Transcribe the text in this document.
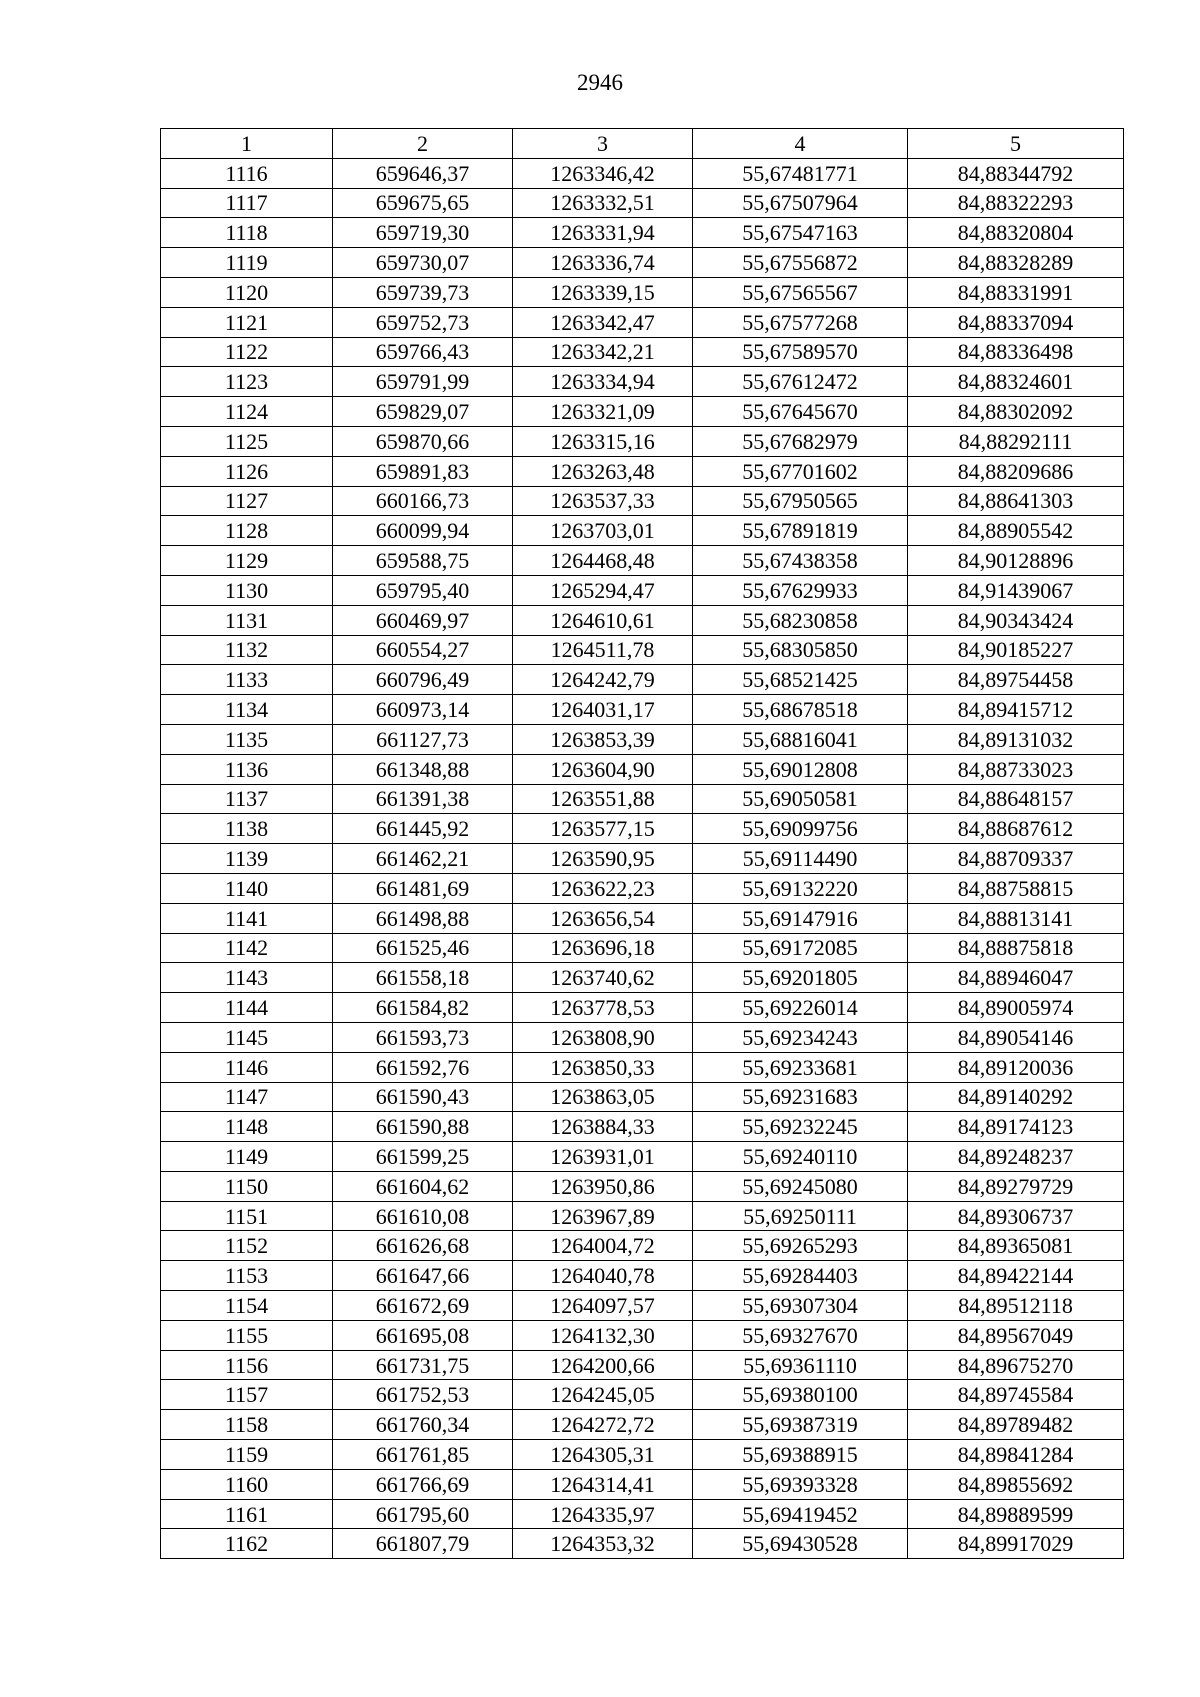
2946
1	2	3	4	5
1116	659646,37	1263346,42	55,67481771	84,88344792
1117	659675,65	1263332,51	55,67507964	84,88322293
1118	659719,30	1263331,94	55,67547163	84,88320804
1119	659730,07	1263336,74	55,67556872	84,88328289
1120	659739,73	1263339,15	55,67565567	84,88331991
1121	659752,73	1263342,47	55,67577268	84,88337094
1122	659766,43	1263342,21	55,67589570	84,88336498
1123	659791,99	1263334,94	55,67612472	84,88324601
1124	659829,07	1263321,09	55,67645670	84,88302092
1125	659870,66	1263315,16	55,67682979	84,88292111
1126	659891,83	1263263,48	55,67701602	84,88209686
1127	660166,73	1263537,33	55,67950565	84,88641303
1128	660099,94	1263703,01	55,67891819	84,88905542
1129	659588,75	1264468,48	55,67438358	84,90128896
1130	659795,40	1265294,47	55,67629933	84,91439067
1131	660469,97	1264610,61	55,68230858	84,90343424
1132	660554,27	1264511,78	55,68305850	84,90185227
1133	660796,49	1264242,79	55,68521425	84,89754458
1134	660973,14	1264031,17	55,68678518	84,89415712
1135	661127,73	1263853,39	55,68816041	84,89131032
1136	661348,88	1263604,90	55,69012808	84,88733023
1137	661391,38	1263551,88	55,69050581	84,88648157
1138	661445,92	1263577,15	55,69099756	84,88687612
1139	661462,21	1263590,95	55,69114490	84,88709337
1140	661481,69	1263622,23	55,69132220	84,88758815
1141	661498,88	1263656,54	55,69147916	84,88813141
1142	661525,46	1263696,18	55,69172085	84,88875818
1143	661558,18	1263740,62	55,69201805	84,88946047
1144	661584,82	1263778,53	55,69226014	84,89005974
1145	661593,73	1263808,90	55,69234243	84,89054146
1146	661592,76	1263850,33	55,69233681	84,89120036
1147	661590,43	1263863,05	55,69231683	84,89140292
1148	661590,88	1263884,33	55,69232245	84,89174123
1149	661599,25	1263931,01	55,69240110	84,89248237
1150	661604,62	1263950,86	55,69245080	84,89279729
1151	661610,08	1263967,89	55,69250111	84,89306737
1152	661626,68	1264004,72	55,69265293	84,89365081
1153	661647,66	1264040,78	55,69284403	84,89422144
1154	661672,69	1264097,57	55,69307304	84,89512118
1155	661695,08	1264132,30	55,69327670	84,89567049
1156	661731,75	1264200,66	55,69361110	84,89675270
1157	661752,53	1264245,05	55,69380100	84,89745584
1158	661760,34	1264272,72	55,69387319	84,89789482
1159	661761,85	1264305,31	55,69388915	84,89841284
1160	661766,69	1264314,41	55,69393328	84,89855692
1161	661795,60	1264335,97	55,69419452	84,89889599
1162	661807,79	1264353,32	55,69430528	84,89917029
